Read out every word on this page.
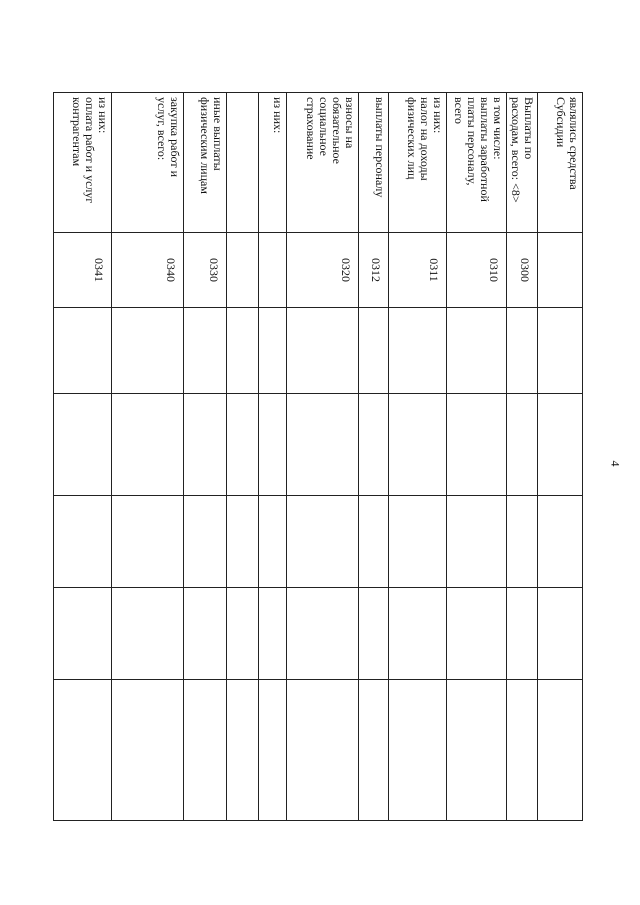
4
являлись средства
Субсидии						
Выплаты по
расходам, всего: <8>	0300					
в том числе:
выплаты заработной
платы персоналу,
всего	0310					
из них:
налог на доходы
физических лиц	0311					
выплаты персоналу	0312					
взносы на
обязательное
социальное
страхование	0320					
из них:						

иные выплаты
физическим лицам	0330					
закупка работ и
услуг, всего:	0340					
из них:
оплата работ и услуг
контрагентам	0341					
